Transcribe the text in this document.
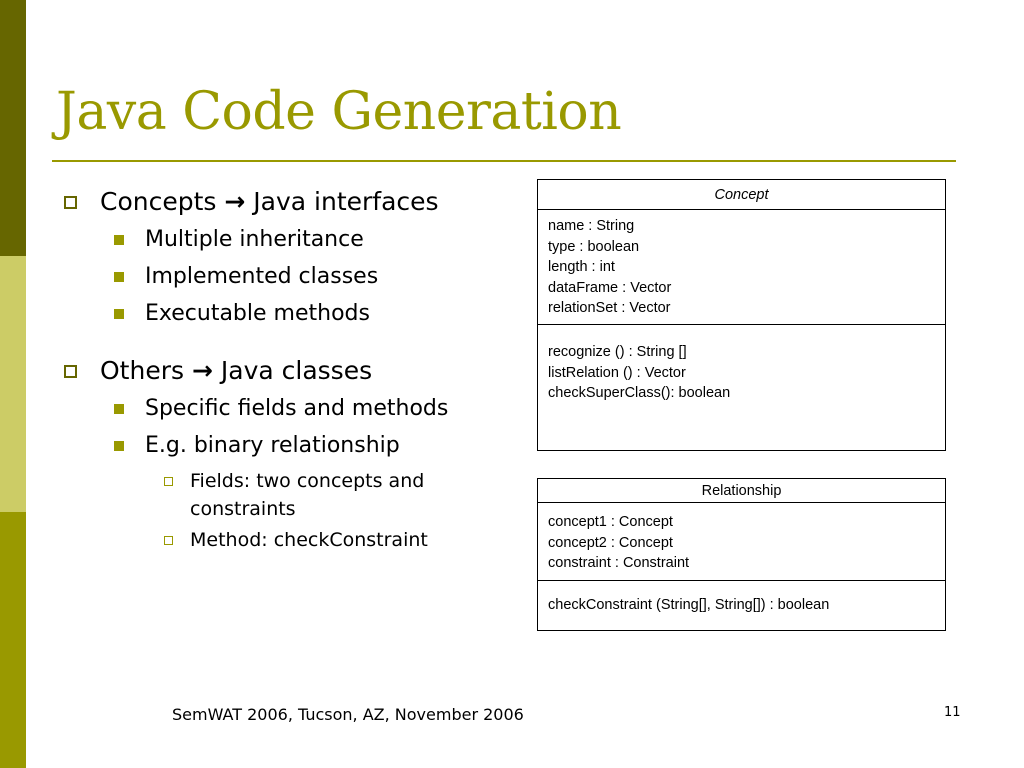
Java Code Generation
Concepts → Java interfaces
Multiple inheritance
Implemented classes
Executable methods
Others → Java classes
Specific fields and methods
E.g. binary relationship
Fields: two concepts and constraints
Method: checkConstraint
Concept
name : String
type : boolean
length : int
dataFrame : Vector
relationSet : Vector
recognize () : String []
listRelation () : Vector
checkSuperClass(): boolean
Relationship
concept1 : Concept
concept2 : Concept
constraint : Constraint
checkConstraint (String[], String[]) : boolean
SemWAT 2006, Tucson, AZ, November 2006	11
